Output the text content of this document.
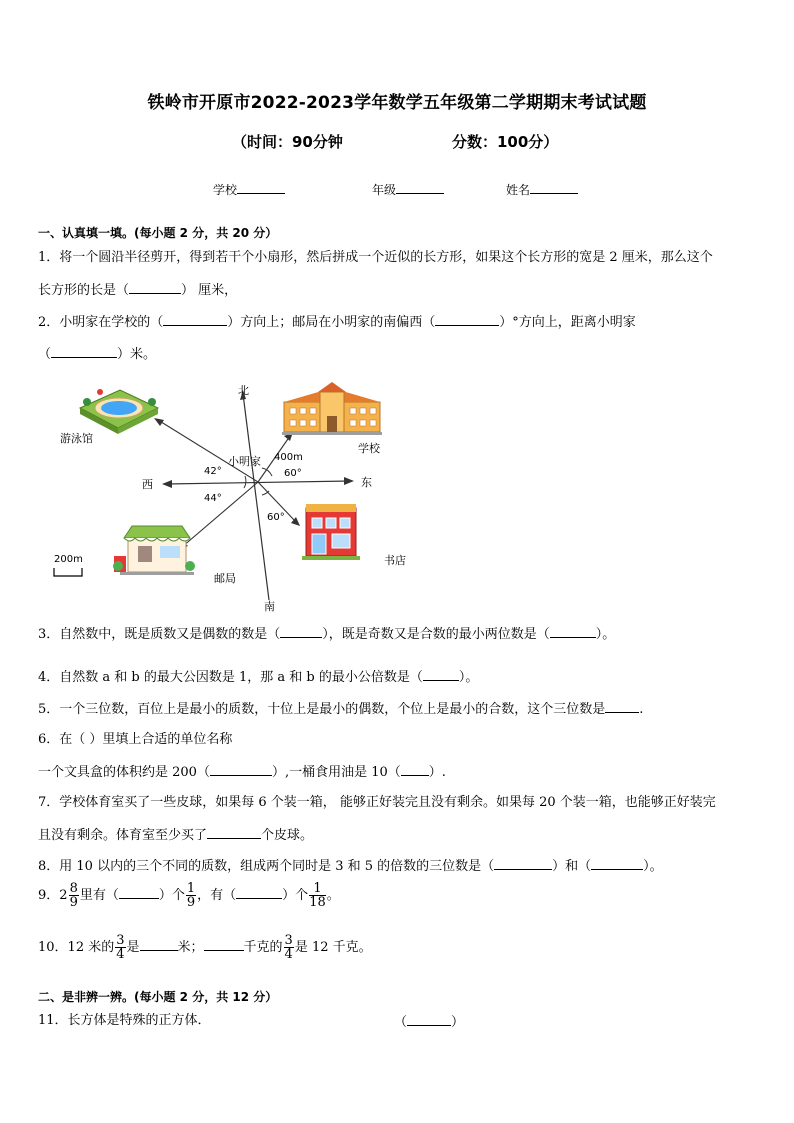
铁岭市开原市2022-2023学年数学五年级第二学期期末考试试题
（时间：90分钟	分数：100分）
学校	年级	姓名
一、认真填一填。(每小题 2 分，共 20 分）
1．将一个圆沿半径剪开，得到若干个小扇形，然后拼成一个近似的长方形，如果这个长方形的宽是 2 厘米，那么这个
长方形的长是（	） 厘米，
2．小明家在学校的（	）方向上；邮局在小明家的南偏西（	）°方向上，距离小明家
（	）米。
北
南
东
西
小明家 400m
60°
60°
42°
44°
游泳馆
学校
书店
邮局
200m
3．自然数中，既是质数又是偶数的数是（	），既是奇数又是合数的最小两位数是（	）。
4．自然数 a 和 b 的最大公因数是 1，那 a 和 b 的最小公倍数是（	）。
5．一个三位数，百位上是最小的质数，十位上是最小的偶数，个位上是最小的合数，这个三位数是	.
6．在（ ）里填上合适的单位名称
一个文具盒的体积约是 200（	）,一桶食用油是 10（ ）.
7．学校体育室买了一些皮球，如果每 6 个装一箱， 能够正好装完且没有剩余。如果每 20 个装一箱，也能够正好装完
且没有剩余。体育室至少买了	个皮球。
8．用 10 以内的三个不同的质数，组成两个同时是 3 和 5 的倍数的三位数是（	）和（	）。
9．$2 \frac{8}{9}$ 里有（	）个 $\frac{1}{9}$ ，有（	）个 $\frac{1}{18}$ 。
10．12 米的 $\frac{3}{4}$ 是	米；	千克的 $\frac{3}{4}$ 是 12 千克。
二、是非辨一辨。(每小题 2 分，共 12 分）
11．长方体是特殊的正方体．	（	）
